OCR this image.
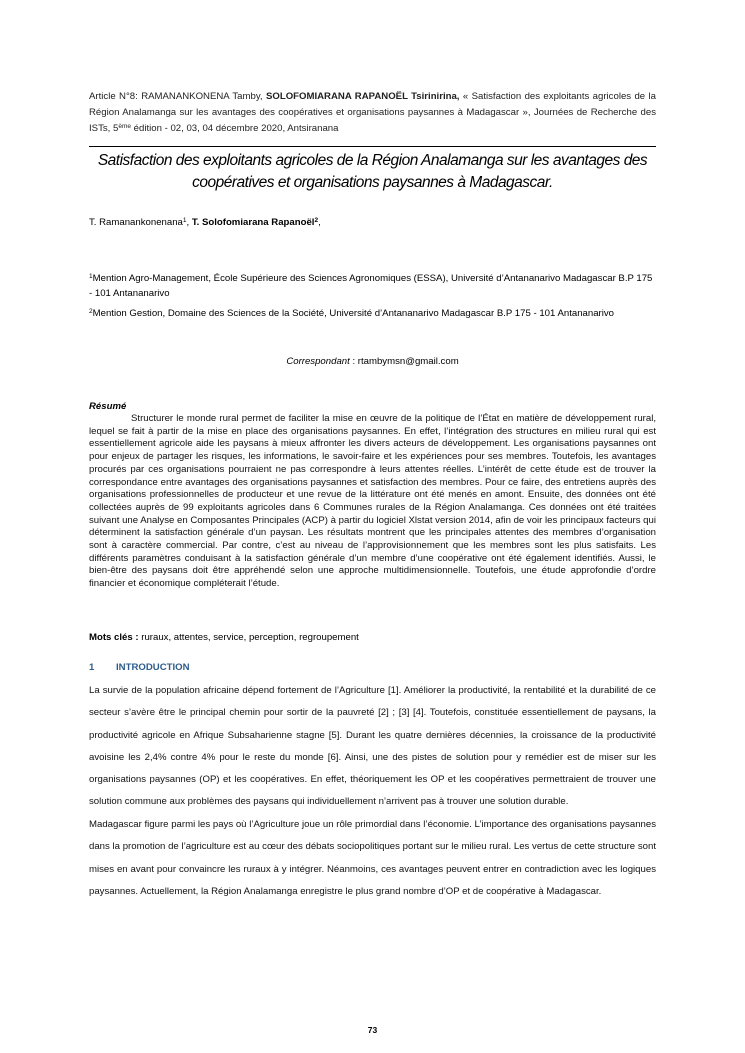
Article N°8: RAMANANKONENA Tamby, SOLOFOMIARANA RAPANOËL Tsirinirina, « Satisfaction des exploitants agricoles de la Région Analamanga sur les avantages des coopératives et organisations paysannes à Madagascar », Journées de Recherche des ISTs, 5ème édition - 02, 03, 04 décembre 2020, Antsiranana
Satisfaction des exploitants agricoles de la Région Analamanga sur les avantages des coopératives et organisations paysannes à Madagascar.
T. Ramanankonenana$^1$, T. Solofomiarana Rapanoël$^2$,
$^1$Mention Agro-Management, École Supérieure des Sciences Agronomiques (ESSA), Université d’Antananarivo Madagascar B.P 175 - 101 Antananarivo
$^2$Mention Gestion, Domaine des Sciences de la Société, Université d’Antananarivo Madagascar B.P 175 - 101 Antananarivo
Correspondant : rtambymsn@gmail.com
Résumé
Structurer le monde rural permet de faciliter la mise en œuvre de la politique de l’État en matière de développement rural, lequel se fait à partir de la mise en place des organisations paysannes. En effet, l’intégration des structures en milieu rural qui est essentiellement agricole aide les paysans à mieux affronter les divers acteurs de développement. Les organisations paysannes ont pour enjeux de partager les risques, les informations, le savoir-faire et les expériences pour ses membres. Toutefois, les avantages procurés par ces organisations pourraient ne pas correspondre à leurs attentes réelles. L’intérêt de cette étude est de trouver la correspondance entre avantages des organisations paysannes et satisfaction des membres. Pour ce faire, des entretiens auprès des organisations professionnelles de producteur et une revue de la littérature ont été menés en amont. Ensuite, des données ont été collectées auprès de 99 exploitants agricoles dans 6 Communes rurales de la Région Analamanga. Ces données ont été traitées suivant une Analyse en Composantes Principales (ACP) à partir du logiciel Xlstat version 2014, afin de voir les principaux facteurs qui déterminent la satisfaction générale d’un paysan. Les résultats montrent que les principales attentes des membres d’organisation sont à caractère commercial. Par contre, c’est au niveau de l’approvisionnement que les membres sont les plus satisfaits. Les différents paramètres conduisant à la satisfaction générale d’un membre d’une coopérative ont été également identifiés. Aussi, le bien-être des paysans doit être appréhendé selon une approche multidimensionnelle. Toutefois, une étude approfondie d’ordre financier et économique compléterait l’étude.
Mots clés : ruraux, attentes, service, perception, regroupement
1 INTRODUCTION
La survie de la population africaine dépend fortement de l’Agriculture [1]. Améliorer la productivité, la rentabilité et la durabilité de ce secteur s’avère être le principal chemin pour sortir de la pauvreté [2] ; [3] [4]. Toutefois, constituée essentiellement de paysans, la productivité agricole en Afrique Subsaharienne stagne [5]. Durant les quatre dernières décennies, la croissance de la productivité avoisine les 2,4% contre 4% pour le reste du monde [6]. Ainsi, une des pistes de solution pour y remédier est de miser sur les organisations paysannes (OP) et les coopératives. En effet, théoriquement les OP et les coopératives permettraient de trouver une solution commune aux problèmes des paysans qui individuellement n’arrivent pas à trouver une solution durable.
Madagascar figure parmi les pays où l’Agriculture joue un rôle primordial dans l’économie. L’importance des organisations paysannes dans la promotion de l’agriculture est au cœur des débats sociopolitiques portant sur le milieu rural. Les vertus de cette structure sont mises en avant pour convaincre les ruraux à y intégrer. Néanmoins, ces avantages peuvent entrer en contradiction avec les logiques paysannes. Actuellement, la Région Analamanga enregistre le plus grand nombre d’OP et de coopérative à Madagascar.
73
